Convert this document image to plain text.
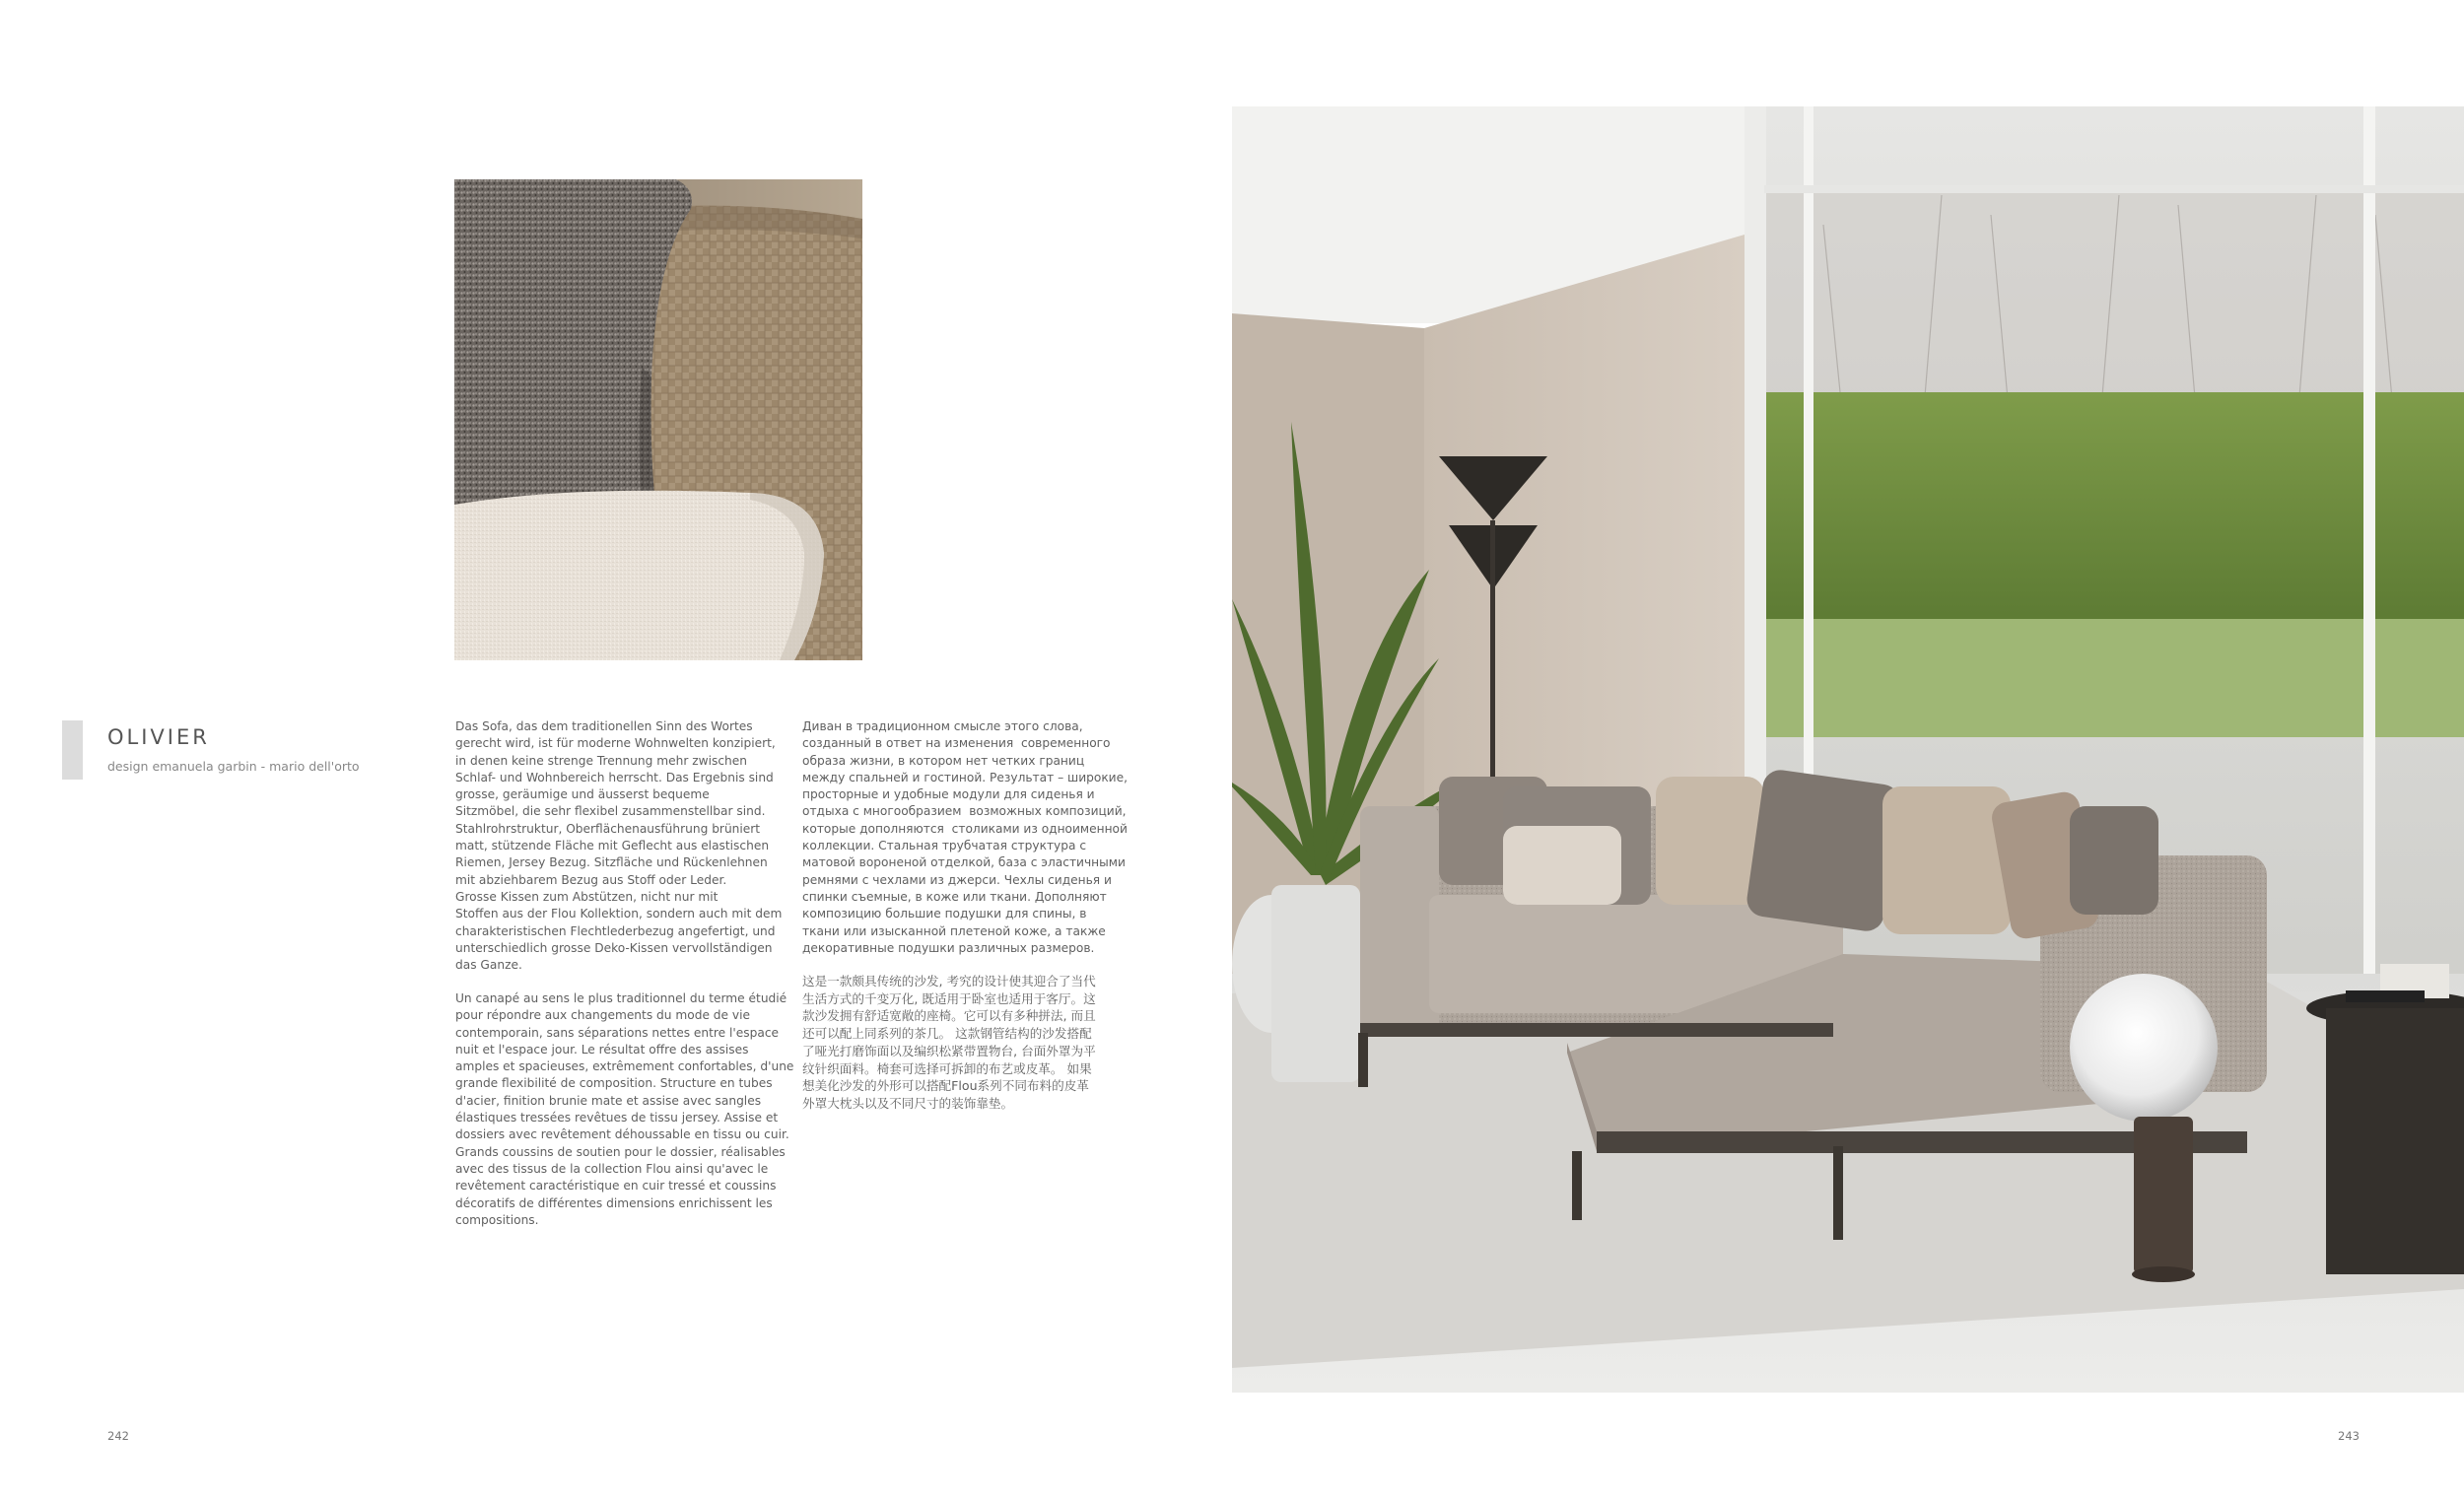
OLIVIER
design emanuela garbin - mario dell'orto

Das Sofa, das dem traditionellen Sinn des Wortes

gerecht wird, ist für moderne Wohnwelten konzipiert,

in denen keine strenge Trennung mehr zwischen

Schlaf- und Wohnbereich herrscht. Das Ergebnis sind

grosse, geräumige und äusserst bequeme

Sitzmöbel, die sehr flexibel zusammenstellbar sind.

Stahlrohrstruktur, Oberflächenausführung brüniert

matt, stützende Fläche mit Geflecht aus elastischen

Riemen, Jersey Bezug. Sitzfläche und Rückenlehnen

mit abziehbarem Bezug aus Stoff oder Leder.

Grosse Kissen zum Abstützen, nicht nur mit

Stoffen aus der Flou Kollektion, sondern auch mit dem

charakteristischen Flechtlederbezug angefertigt, und

unterschiedlich grosse Deko-Kissen vervollständigen

das Ganze.

Un canapé au sens le plus traditionnel du terme étudié

pour répondre aux changements du mode de vie

contemporain, sans séparations nettes entre l'espace

nuit et l'espace jour. Le résultat offre des assises

amples et spacieuses, extrêmement confortables, d'une

grande flexibilité de composition. Structure en tubes

d'acier, finition brunie mate et assise avec sangles

élastiques tressées revêtues de tissu jersey. Assise et

dossiers avec revêtement déhoussable en tissu ou cuir.

Grands coussins de soutien pour le dossier, réalisables

avec des tissus de la collection Flou ainsi qu'avec le

revêtement caractéristique en cuir tressé et coussins

décoratifs de différentes dimensions enrichissent les

compositions.

Диван в традиционном смысле этого слова,

созданный в ответ на изменения  современного

образа жизни, в котором нет четких границ

между спальней и гостиной. Результат – широкие,

просторные и удобные модули для сиденья и

отдыха с многообразием  возможных композиций,

которые дополняются  столиками из одноименной

коллекции. Стальная трубчатая структура с

матовой вороненой отделкой, база с эластичными

ремнями с чехлами из джерси. Чехлы сиденья и

спинки съемные, в коже или ткани. Дополняют

композицию большие подушки для спины, в

ткани или изысканной плетеной коже, а также

декоративные подушки различных размеров.

这是一款颇具传统的沙发, 考究的设计使其迎合了当代

生活方式的千变万化, 既适用于卧室也适用于客厅。这

款沙发拥有舒适宽敞的座椅。它可以有多种拼法, 而且

还可以配上同系列的茶几。 这款钢管结构的沙发搭配

了哑光打磨饰面以及编织松紧带置物台, 台面外罩为平

纹针织面料。椅套可选择可拆卸的布艺或皮革。 如果

想美化沙发的外形可以搭配Flou系列不同布料的皮革

外罩大枕头以及不同尺寸的装饰靠垫。

242	243
